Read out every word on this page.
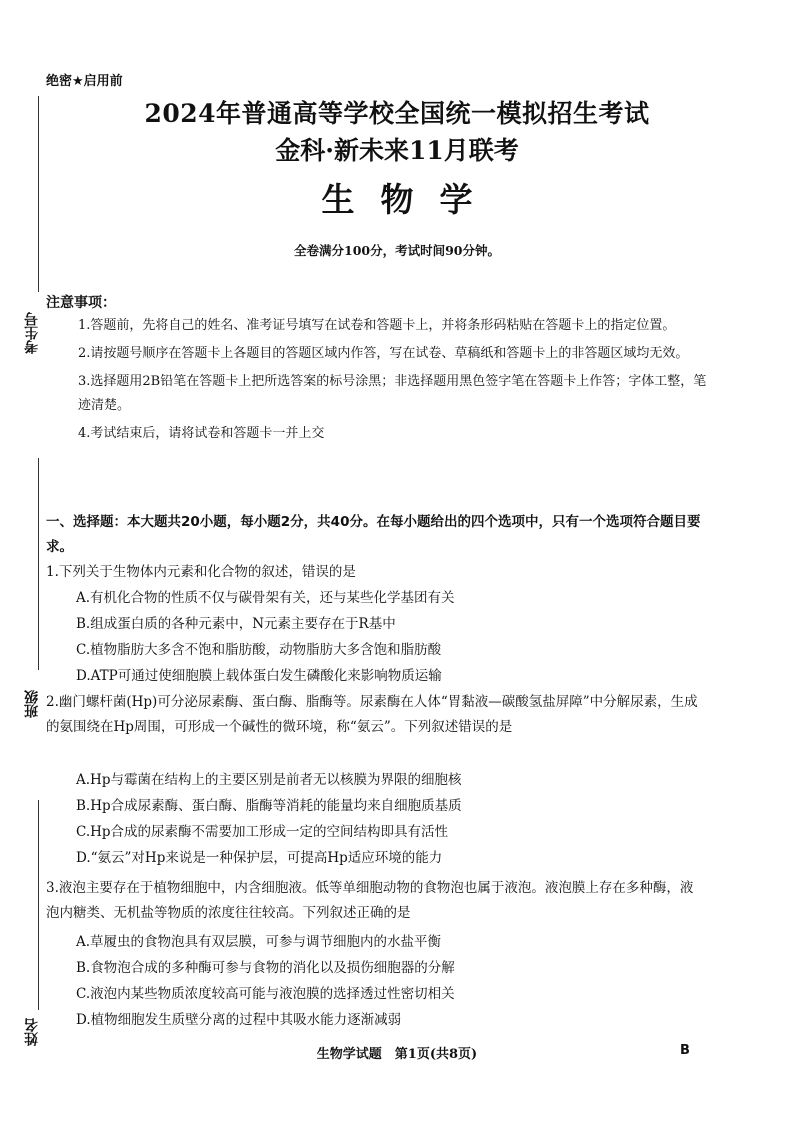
绝密★启用前
2024年普通高等学校全国统一模拟招生考试
金科·新未来11月联考
生物学
全卷满分100分，考试时间90分钟。
考生号
班级
姓名
注意事项：
1.答题前，先将自己的姓名、准考证号填写在试卷和答题卡上，并将条形码粘贴在答题卡上的指定位置。
2.请按题号顺序在答题卡上各题目的答题区域内作答，写在试卷、草稿纸和答题卡上的非答题区域均无效。
3.选择题用2B铅笔在答题卡上把所选答案的标号涂黑；非选择题用黑色签字笔在答题卡上作答；字体工整，笔迹清楚。
4.考试结束后，请将试卷和答题卡一并上交
一、选择题：本大题共20小题，每小题2分，共40分。在每小题给出的四个选项中，只有一个选项符合题目要求。
1.下列关于生物体内元素和化合物的叙述，错误的是
A.有机化合物的性质不仅与碳骨架有关，还与某些化学基团有关
B.组成蛋白质的各种元素中，N元素主要存在于R基中
C.植物脂肪大多含不饱和脂肪酸，动物脂肪大多含饱和脂肪酸
D.ATP可通过使细胞膜上载体蛋白发生磷酸化来影响物质运输
2.幽门螺杆菌(Hp)可分泌尿素酶、蛋白酶、脂酶等。尿素酶在人体“胃黏液—碳酸氢盐屏障”中分解尿素，生成的氨围绕在Hp周围，可形成一个碱性的微环境，称“氨云”。下列叙述错误的是
A.Hp与霉菌在结构上的主要区别是前者无以核膜为界限的细胞核
B.Hp合成尿素酶、蛋白酶、脂酶等消耗的能量均来自细胞质基质
C.Hp合成的尿素酶不需要加工形成一定的空间结构即具有活性
D.“氨云”对Hp来说是一种保护层，可提高Hp适应环境的能力
3.液泡主要存在于植物细胞中，内含细胞液。低等单细胞动物的食物泡也属于液泡。液泡膜上存在多种酶，液泡内糖类、无机盐等物质的浓度往往较高。下列叙述正确的是
A.草履虫的食物泡具有双层膜，可参与调节细胞内的水盐平衡
B.食物泡合成的多种酶可参与食物的消化以及损伤细胞器的分解
C.液泡内某些物质浓度较高可能与液泡膜的选择透过性密切相关
D.植物细胞发生质壁分离的过程中其吸水能力逐渐减弱
生物学试题　第1页(共8页)	B
